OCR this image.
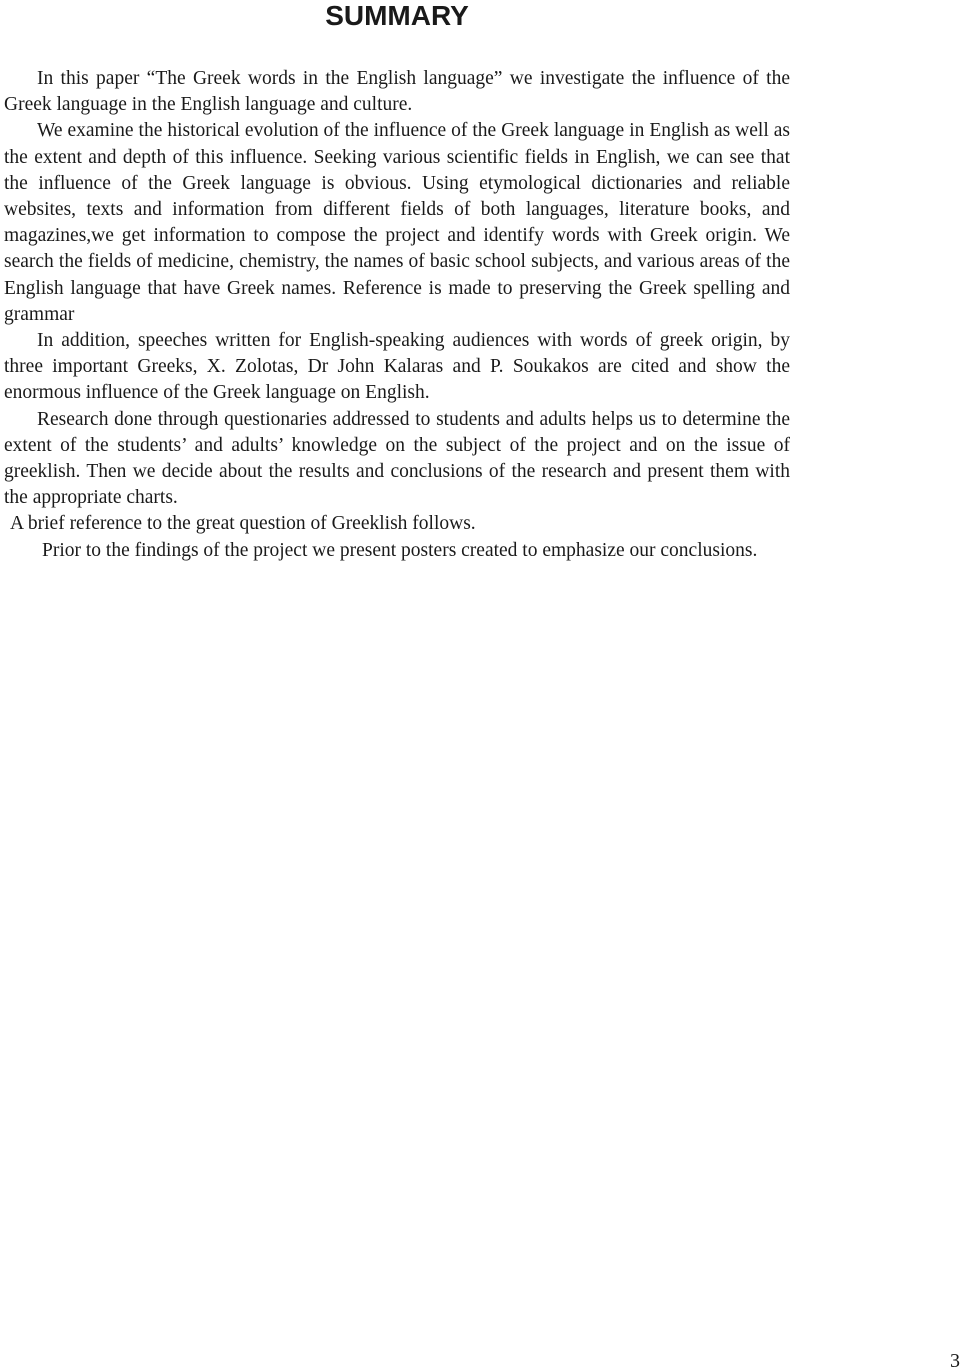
SUMMARY

In this paper “The Greek words in the English language” we investigate the influence of the Greek language in the English language and culture.

We examine the historical evolution of the influence of the Greek language in English as well as the extent and depth of this influence. Seeking various scientific fields in English, we can see that the influence of the Greek language is obvious. Using etymological dictionaries and reliable websites, texts and information from different fields of both languages, literature books, and magazines,we get information to compose the project and identify words with Greek origin. We search the fields of medicine, chemistry, the names of basic school subjects, and various areas of the English language that have Greek names. Reference is made to preserving the Greek spelling and grammar

In addition, speeches written for English-speaking audiences with words of greek origin, by three important Greeks, X. Zolotas, Dr John Kalaras and P. Soukakos are cited and show the enormous influence of the Greek language on English.

Research done through questionaries addressed to students and adults helps us to determine the extent of the students’ and adults’ knowledge on the subject of the project and on the issue of greeklish. Then we decide about the results and conclusions of the research and present them with the appropriate charts.

A brief reference to the great question of Greeklish follows.

Prior to the findings of the project we present posters created to emphasize our conclusions.

3
